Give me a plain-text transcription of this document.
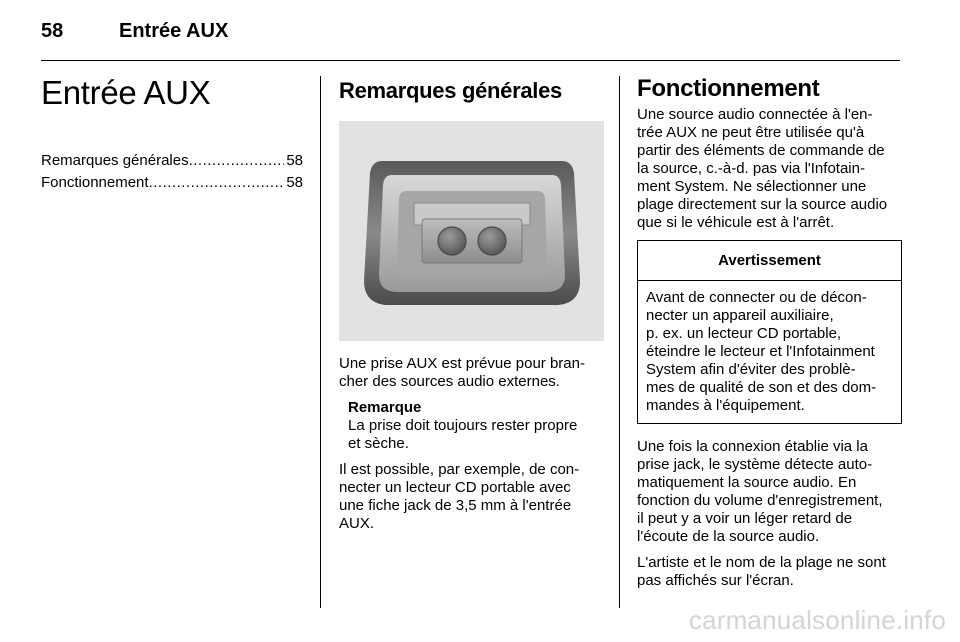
58	Entrée AUX
Entrée AUX
Remarques générales .....	58
Fonctionnement .....	58
Remarques générales
Une prise AUX est prévue pour bran-
cher des sources audio externes.
Remarque
La prise doit toujours rester propre
et sèche.
Il est possible, par exemple, de con-
necter un lecteur CD portable avec
une fiche jack de 3,5 mm à l'entrée
AUX.
Fonctionnement
Une source audio connectée à l'en-
trée AUX ne peut être utilisée qu'à
partir des éléments de commande de
la source, c.-à-d. pas via l'Infotain-
ment System. Ne sélectionner une
plage directement sur la source audio
que si le véhicule est à l'arrêt.
Avertissement
Avant de connecter ou de décon-
necter un appareil auxiliaire,
p. ex. un lecteur CD portable,
éteindre le lecteur et l'Infotainment
System afin d'éviter des problè-
mes de qualité de son et des dom-
mandes à l'équipement.
Une fois la connexion établie via la
prise jack, le système détecte auto-
matiquement la source audio. En
fonction du volume d'enregistrement,
il peut y a voir un léger retard de
l'écoute de la source audio.
L'artiste et le nom de la plage ne sont
pas affichés sur l'écran.
carmanualsonline.info
